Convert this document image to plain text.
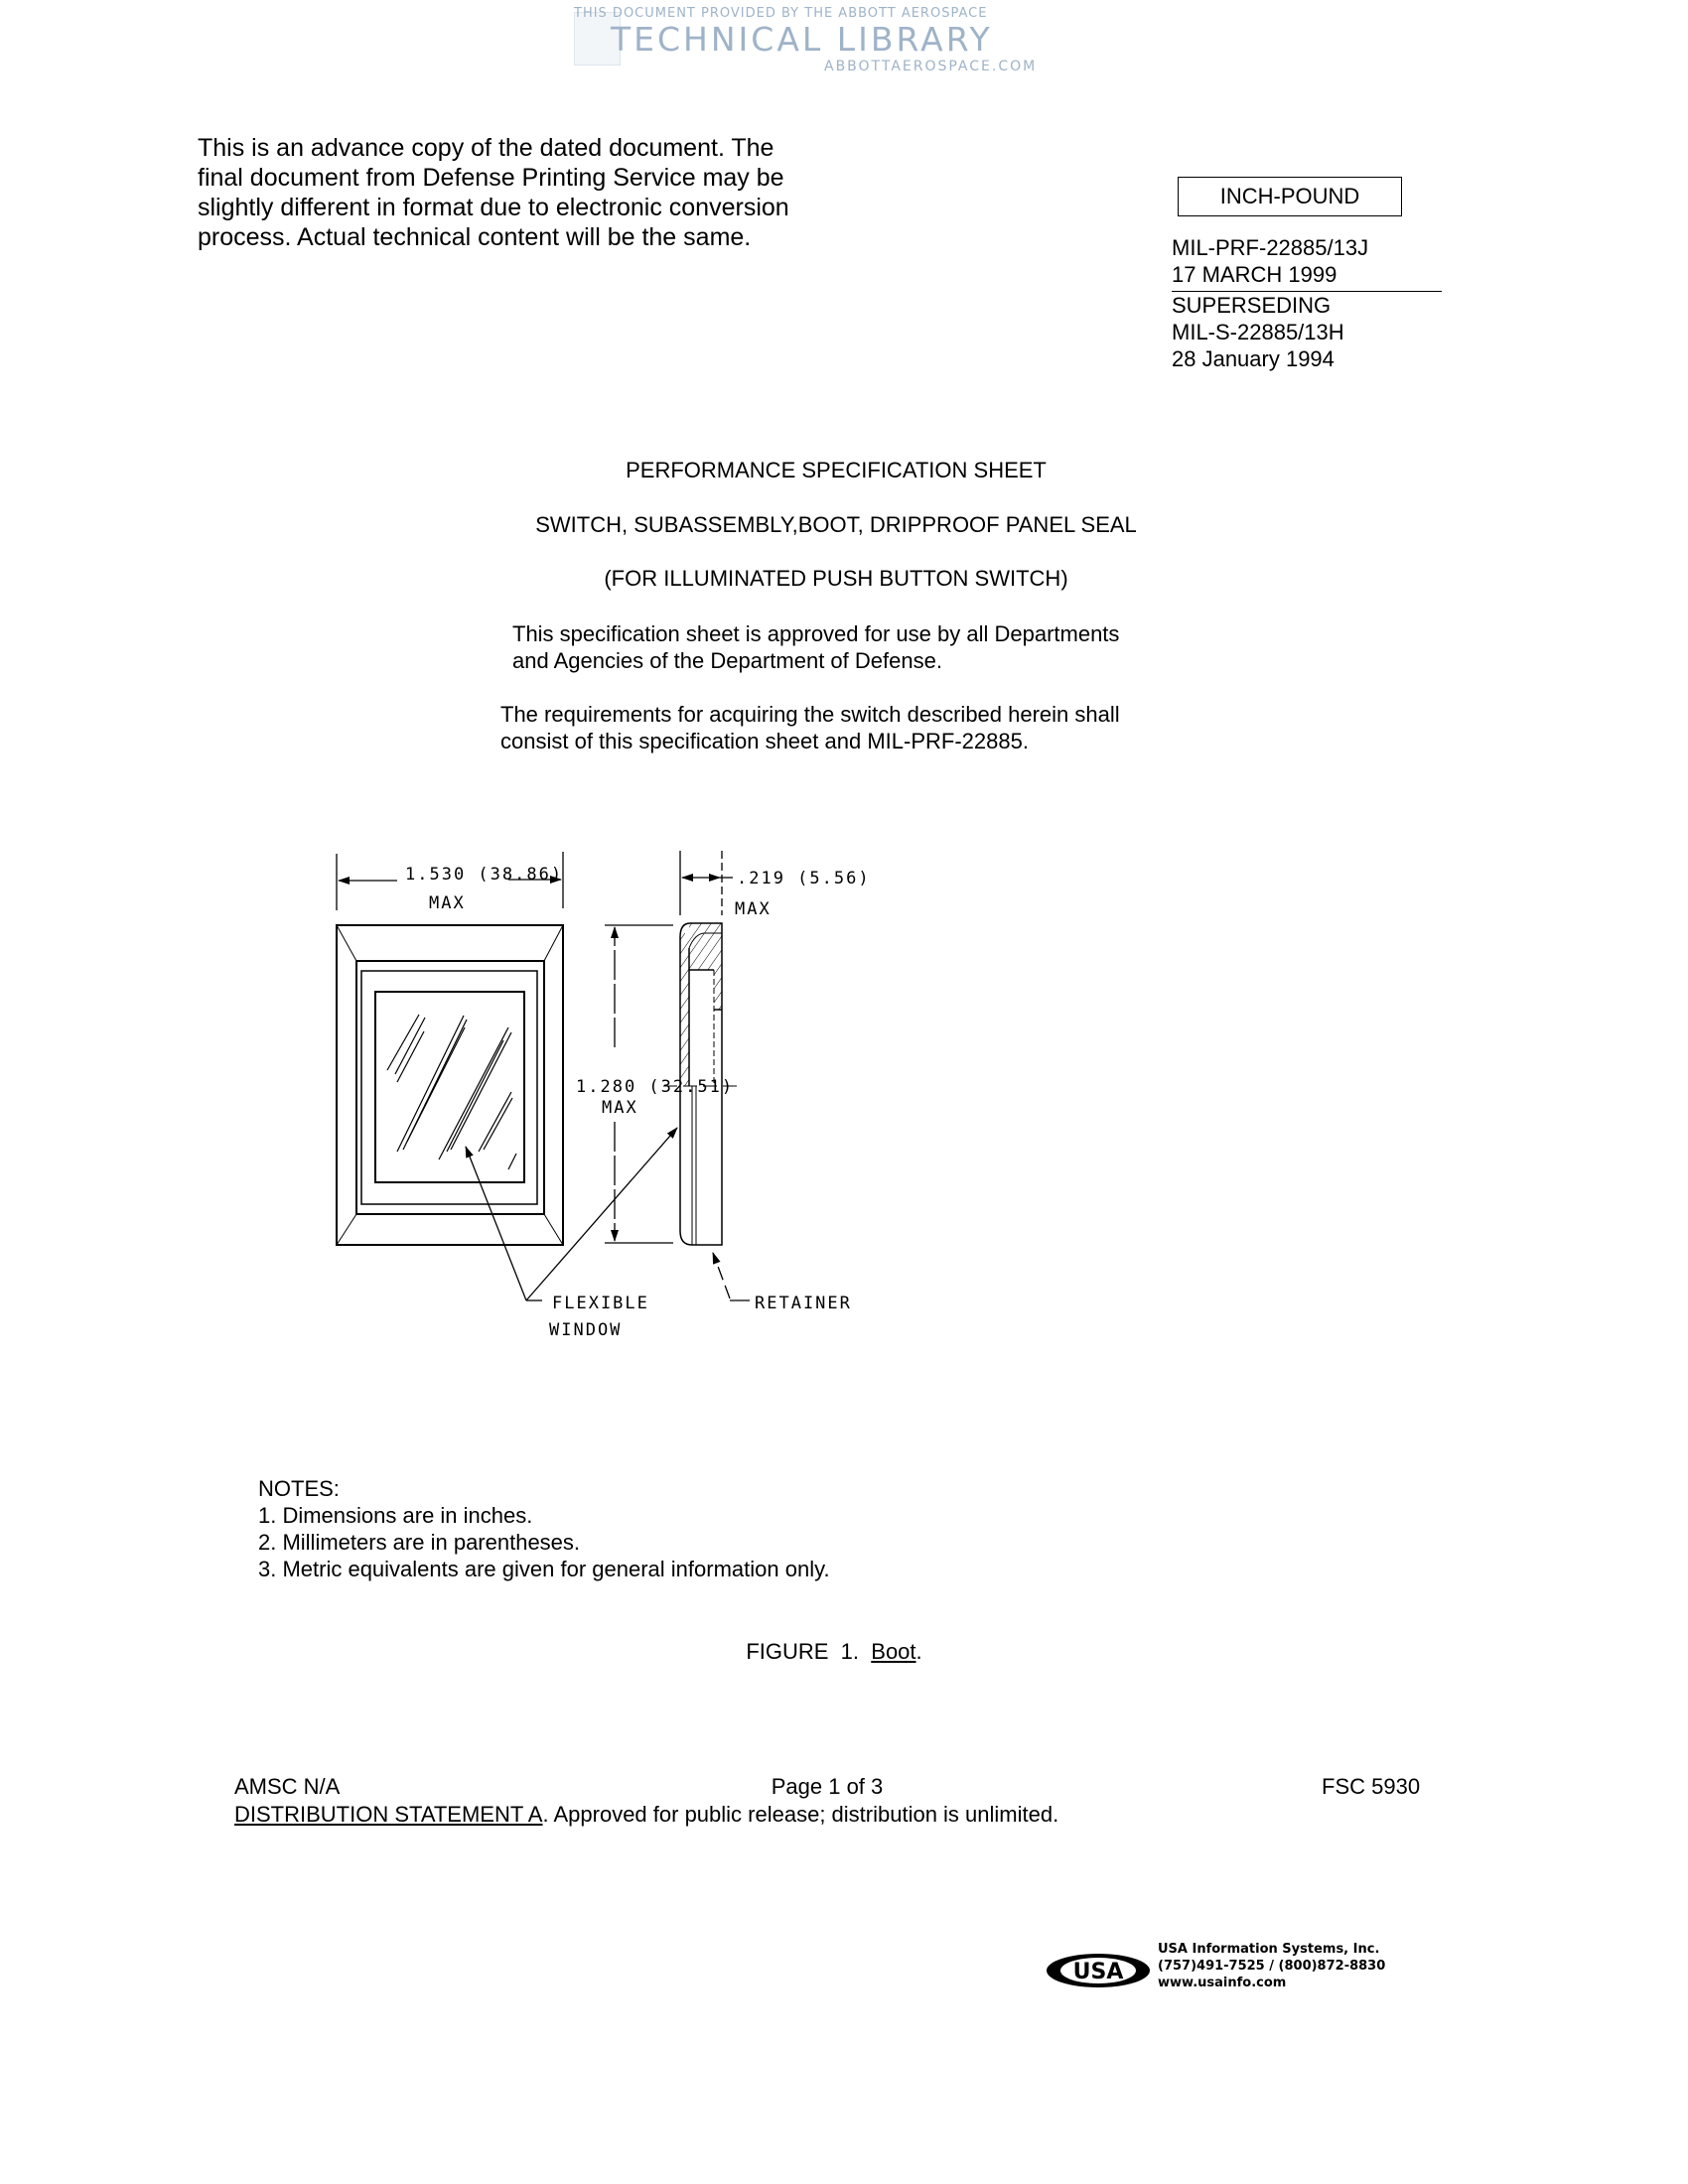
THIS DOCUMENT PROVIDED BY THE ABBOTT AEROSPACE
TECHNICAL LIBRARY
ABBOTTAEROSPACE.COM
This is an advance copy of the dated document. The
final document from Defense Printing Service may be
slightly different in format due to electronic conversion
process. Actual technical content will be the same.
INCH-POUND
MIL-PRF-22885/13J
17 MARCH 1999
SUPERSEDING
MIL-S-22885/13H
28 January 1994
PERFORMANCE SPECIFICATION SHEET
SWITCH, SUBASSEMBLY,BOOT, DRIPPROOF PANEL SEAL
(FOR ILLUMINATED PUSH BUTTON SWITCH)
This specification sheet is approved for use by all Departments
and Agencies of the Department of Defense.
The requirements for acquiring the switch described herein shall
consist of this specification sheet and MIL-PRF-22885.
1.530 (38.86)
MAX
.219 (5.56)
MAX
1.280 (32.51)
MAX
FLEXIBLE
WINDOW
RETAINER
NOTES:
1. Dimensions are in inches.
2. Millimeters are in parentheses.
3. Metric equivalents are given for general information only.
FIGURE  1.  Boot.
AMSC N/A	Page 1 of 3	FSC 5930
DISTRIBUTION STATEMENT A. Approved for public release; distribution is unlimited.
USA
USA Information Systems, Inc.
(757)491-7525 / (800)872-8830
www.usainfo.com
